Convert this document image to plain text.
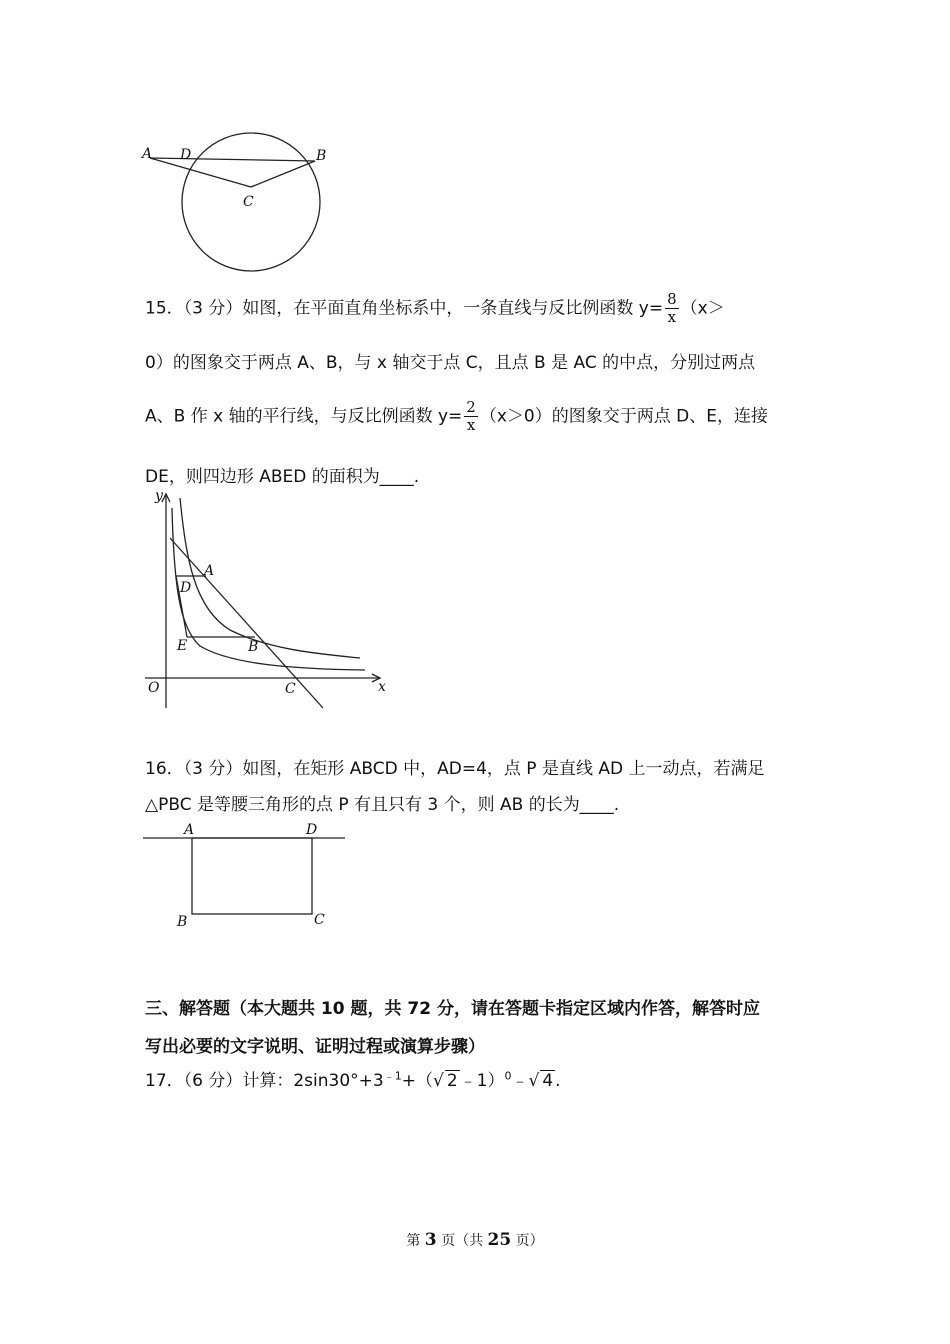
A D	B
C
15．（3 分）如图，在平面直角坐标系中，一条直线与反比例函数 $y= \frac{8}{x} (x>$
0）的图象交于两点 A、B，与 x 轴交于点 C，且点 B 是 AC 的中点，分别过两点
A、B 作 x 轴的平行线，与反比例函数 $y= \frac{2}{x} (x>0)$的图象交于两点 D、E，连接
DE，则四边形 ABED 的面积为____.
y
x
O
A
D
E	B
C
16．（3 分）如图，在矩形 ABCD 中，AD=4，点 P 是直线 AD 上一动点，若满足
△PBC 是等腰三角形的点 P 有且只有 3 个，则 AB 的长为____.
A	D
B	C
三、解答题（本大题共 10 题，共 72 分，请在答题卡指定区域内作答，解答时应
写出必要的文字说明、证明过程或演算步骤）
17．（6 分）计算：$2\sin 30^\circ+3^{﹣1}+(√$ 2 ﹣1）$^0$﹣√ 4 .
第 3 页（共 25 页）
